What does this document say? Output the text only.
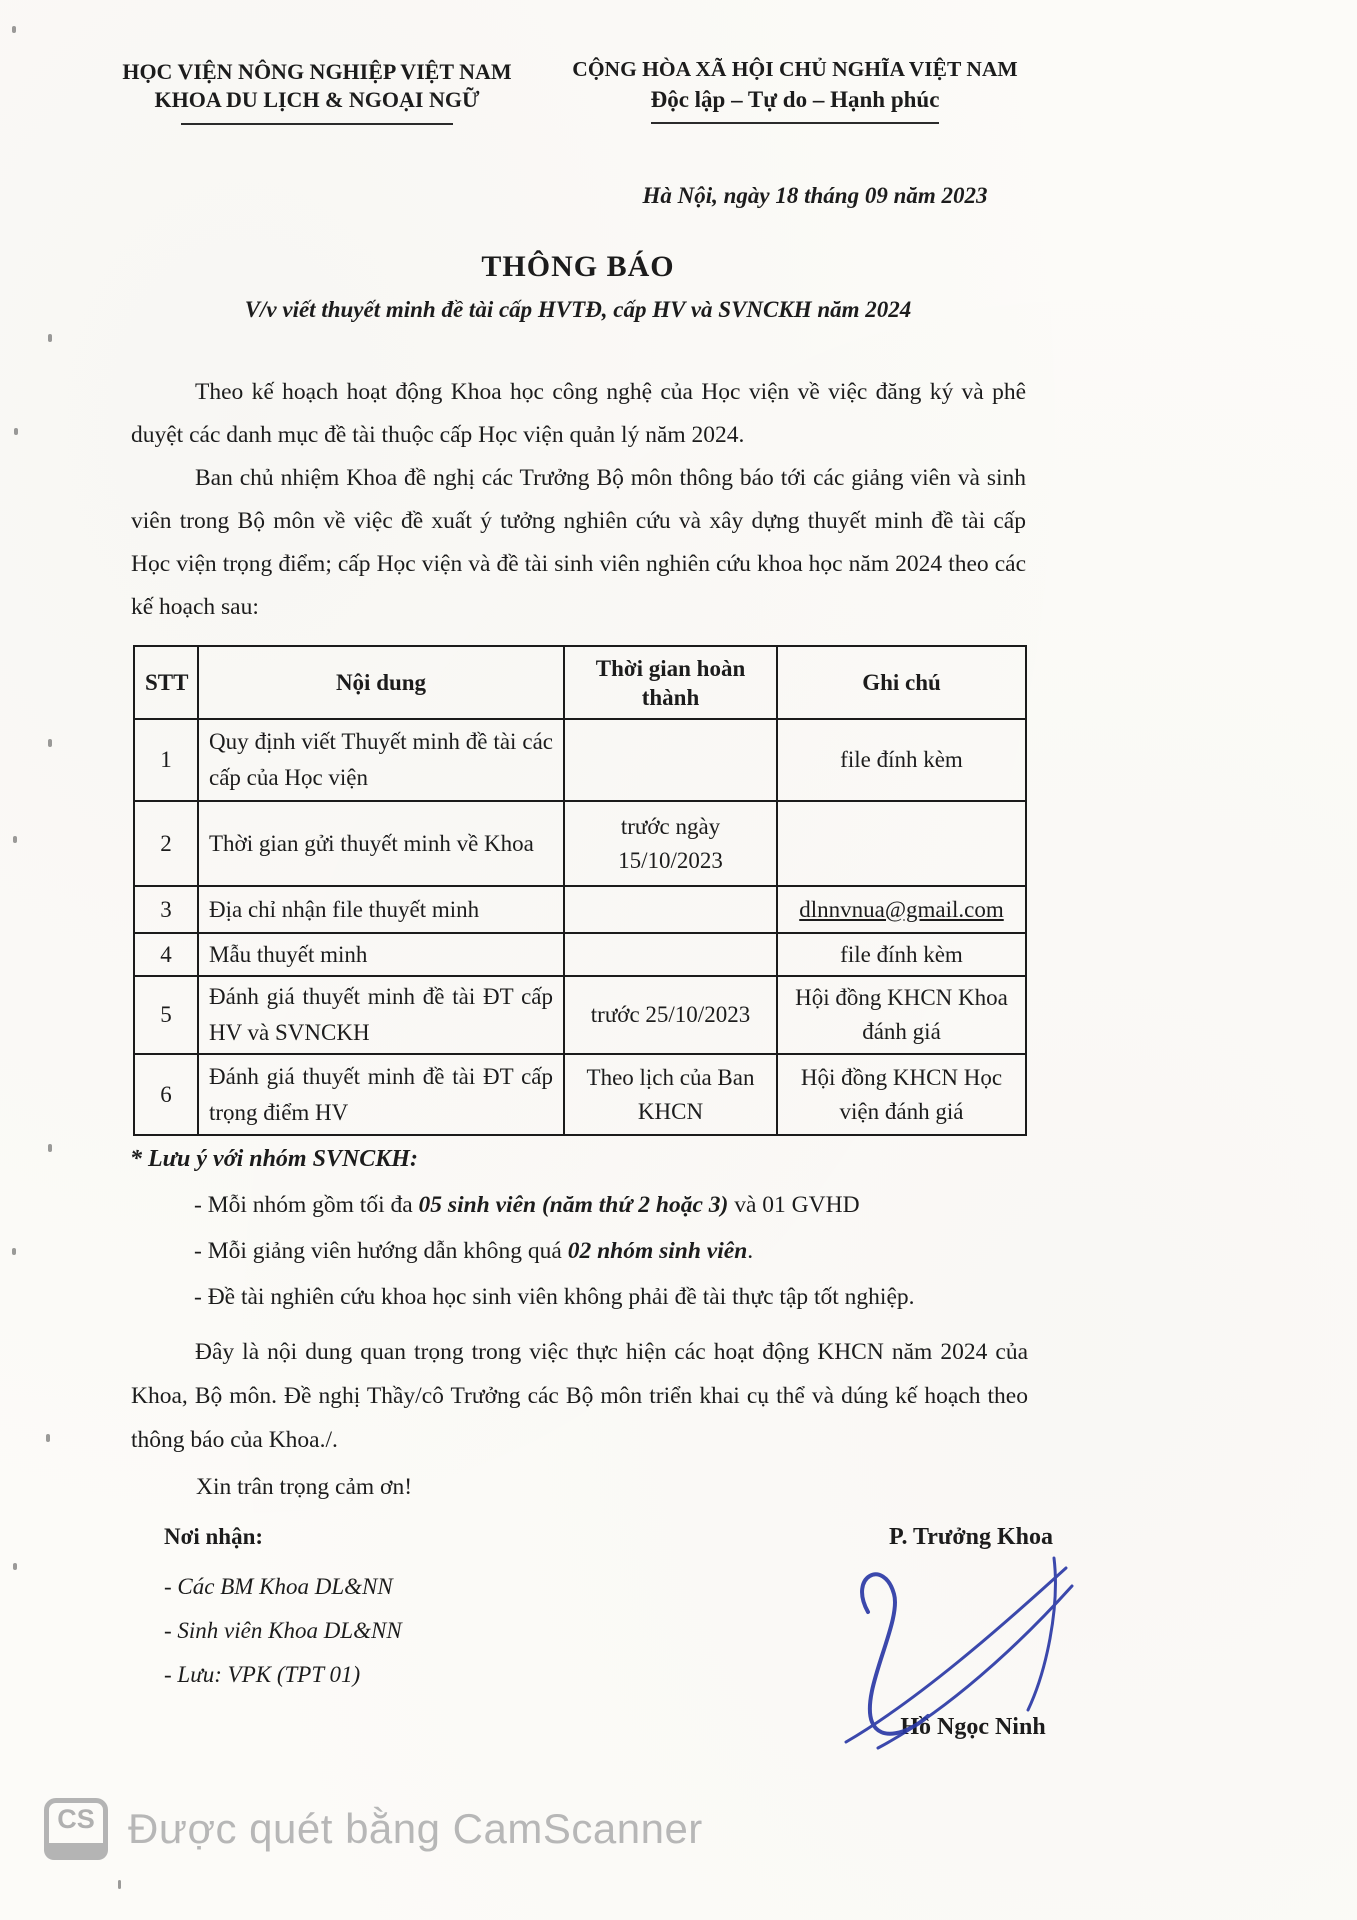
HỌC VIỆN NÔNG NGHIỆP VIỆT NAM
KHOA DU LỊCH & NGOẠI NGỮ
CỘNG HÒA XÃ HỘI CHỦ NGHĨA VIỆT NAM
Độc lập – Tự do – Hạnh phúc
Hà Nội, ngày 18 tháng 09 năm 2023
THÔNG BÁO
V/v viết thuyết minh đề tài cấp HVTĐ, cấp HV và SVNCKH năm 2024
Theo kế hoạch hoạt động Khoa học công nghệ của Học viện về việc đăng ký và phê duyệt các danh mục đề tài thuộc cấp Học viện quản lý năm 2024.
Ban chủ nhiệm Khoa đề nghị các Trưởng Bộ môn thông báo tới các giảng viên và sinh viên trong Bộ môn về việc đề xuất ý tưởng nghiên cứu và xây dựng thuyết minh đề tài cấp Học viện trọng điểm; cấp Học viện và đề tài sinh viên nghiên cứu khoa học năm 2024 theo các kế hoạch sau:
STT	Nội dung	Thời gian hoàn thành	Ghi chú
1	Quy định viết Thuyết minh đề tài các cấp của Học viện		file đính kèm
2	Thời gian gửi thuyết minh về Khoa	trước ngày 15/10/2023	
3	Địa chỉ nhận file thuyết minh		dlnnvnua@gmail.com
4	Mẫu thuyết minh		file đính kèm
5	Đánh giá thuyết minh đề tài ĐT cấp HV và SVNCKH	trước 25/10/2023	Hội đồng KHCN Khoa đánh giá
6	Đánh giá thuyết minh đề tài ĐT cấp trọng điểm HV	Theo lịch của Ban KHCN	Hội đồng KHCN Học viện đánh giá
* Lưu ý với nhóm SVNCKH:
- Mỗi nhóm gồm tối đa 05 sinh viên (năm thứ 2 hoặc 3) và 01 GVHD
- Mỗi giảng viên hướng dẫn không quá 02 nhóm sinh viên.
- Đề tài nghiên cứu khoa học sinh viên không phải đề tài thực tập tốt nghiệp.
Đây là nội dung quan trọng trong việc thực hiện các hoạt động KHCN năm 2024 của Khoa, Bộ môn. Đề nghị Thầy/cô Trưởng các Bộ môn triển khai cụ thể và dúng kế hoạch theo thông báo của Khoa./.
Xin trân trọng cảm ơn!
Nơi nhận:	P. Trưởng Khoa
- Các BM Khoa DL&NN
- Sinh viên Khoa DL&NN
- Lưu: VPK (TPT 01)
Hồ Ngọc Ninh
CS Được quét bằng CamScanner
